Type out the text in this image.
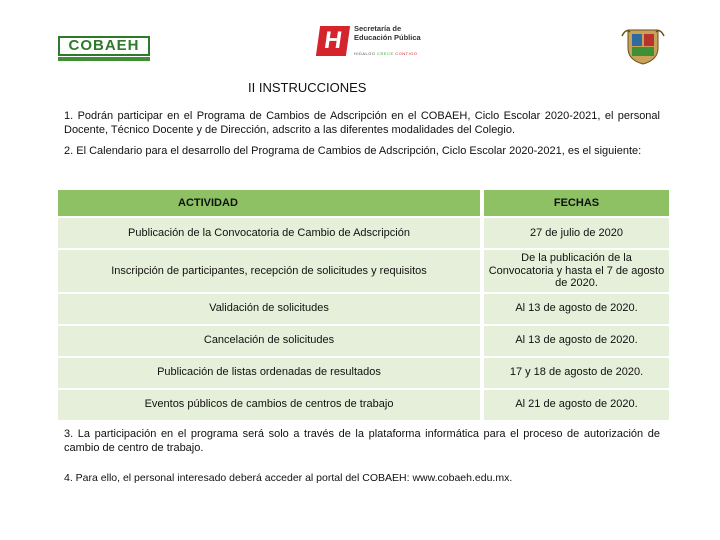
COBAEH	H	Secretaría de
Educación Pública
HIDALGO CRECE CONTIGO
II INSTRUCCIONES

1. Podrán participar en el Programa de Cambios de Adscripción en el COBAEH, Ciclo Escolar 2020-2021, el personal Docente, Técnico Docente y de Dirección, adscrito a las diferentes modalidades del Colegio.

2. El Calendario para el desarrollo del Programa de Cambios de Adscripción, Ciclo Escolar 2020-2021, es el siguiente:

ACTIVIDAD	FECHAS
Publicación de la Convocatoria de Cambio de Adscripción	27 de julio de 2020
Inscripción de participantes, recepción de solicitudes y requisitos	De la publicación de la Convocatoria y hasta el 7 de agosto de 2020.
Validación de solicitudes	Al 13 de agosto de 2020.
Cancelación de solicitudes	Al 13 de agosto de 2020.
Publicación de listas ordenadas de resultados	17 y 18 de agosto de 2020.
Eventos públicos de cambios de centros de trabajo	Al 21 de agosto de 2020.

3. La participación en el programa será solo a través de la plataforma informática para el proceso de autorización de cambio de centro de trabajo.

4. Para ello, el personal interesado deberá acceder al portal del COBAEH: www.cobaeh.edu.mx.
